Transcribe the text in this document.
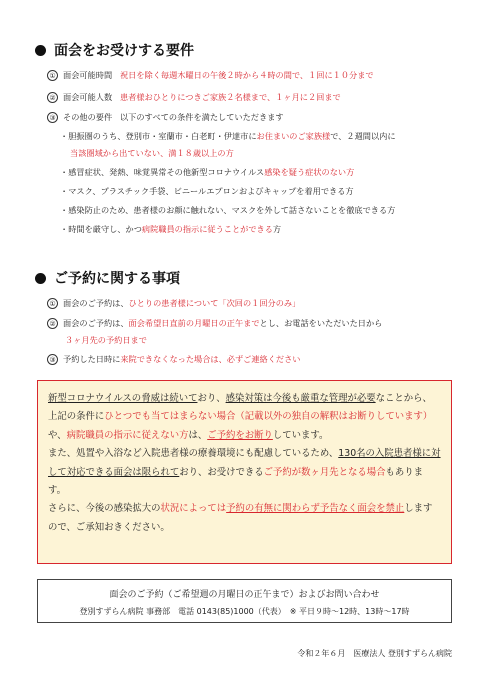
面会をお受けする要件
① 面会可能時間 祝日を除く毎週木曜日の午後２時から４時の間で、１回に１０分まで
② 面会可能人数 患者様おひとりにつきご家族２名様まで、１ヶ月に２回まで
③ その他の要件 以下のすべての条件を満たしていただきます
・胆振圏のうち、登別市・室蘭市・白老町・伊達市にお住まいのご家族様で、２週間以内に
当該圏域から出ていない、満１８歳以上の方
・感冒症状、発熱、味覚異常その他新型コロナウイルス感染を疑う症状のない方
・マスク、プラスチック手袋、ビニールエプロンおよびキャップを着用できる方
・感染防止のため、患者様のお顔に触れない、マスクを外して話さないことを徹底できる方
・時間を厳守し、かつ病院職員の指示に従うことができる方
ご予約に関する事項
① 面会のご予約は、ひとりの患者様について「次回の１回分のみ」
② 面会のご予約は、面会希望日直前の月曜日の正午までとし、お電話をいただいた日から
３ヶ月先の予約日まで
③ 予約した日時に来院できなくなった場合は、必ずご連絡ください

新型コロナウイルスの脅威は続いており、感染対策は今後も厳重な管理が必要なことから、上記の条件にひとつでも当てはまらない場合（記載以外の独自の解釈はお断りしています）や、病院職員の指示に従えない方は、ご予約をお断りしています。

また、処置や入浴など入院患者様の療養環境にも配慮しているため、130名の入院患者様に対して対応できる面会は限られており、お受けできるご予約が数ヶ月先となる場合もあります。

さらに、今後の感染拡大の状況によっては予約の有無に関わらず予告なく面会を禁止しますので、ご承知おきください。

面会のご予約（ご希望週の月曜日の正午まで）およびお問い合わせ
登別すずらん病院 事務部　電話 0143(85)1000（代表）　※ 平日９時～12時、13時～17時
令和２年６月　医療法人 登別すずらん病院
